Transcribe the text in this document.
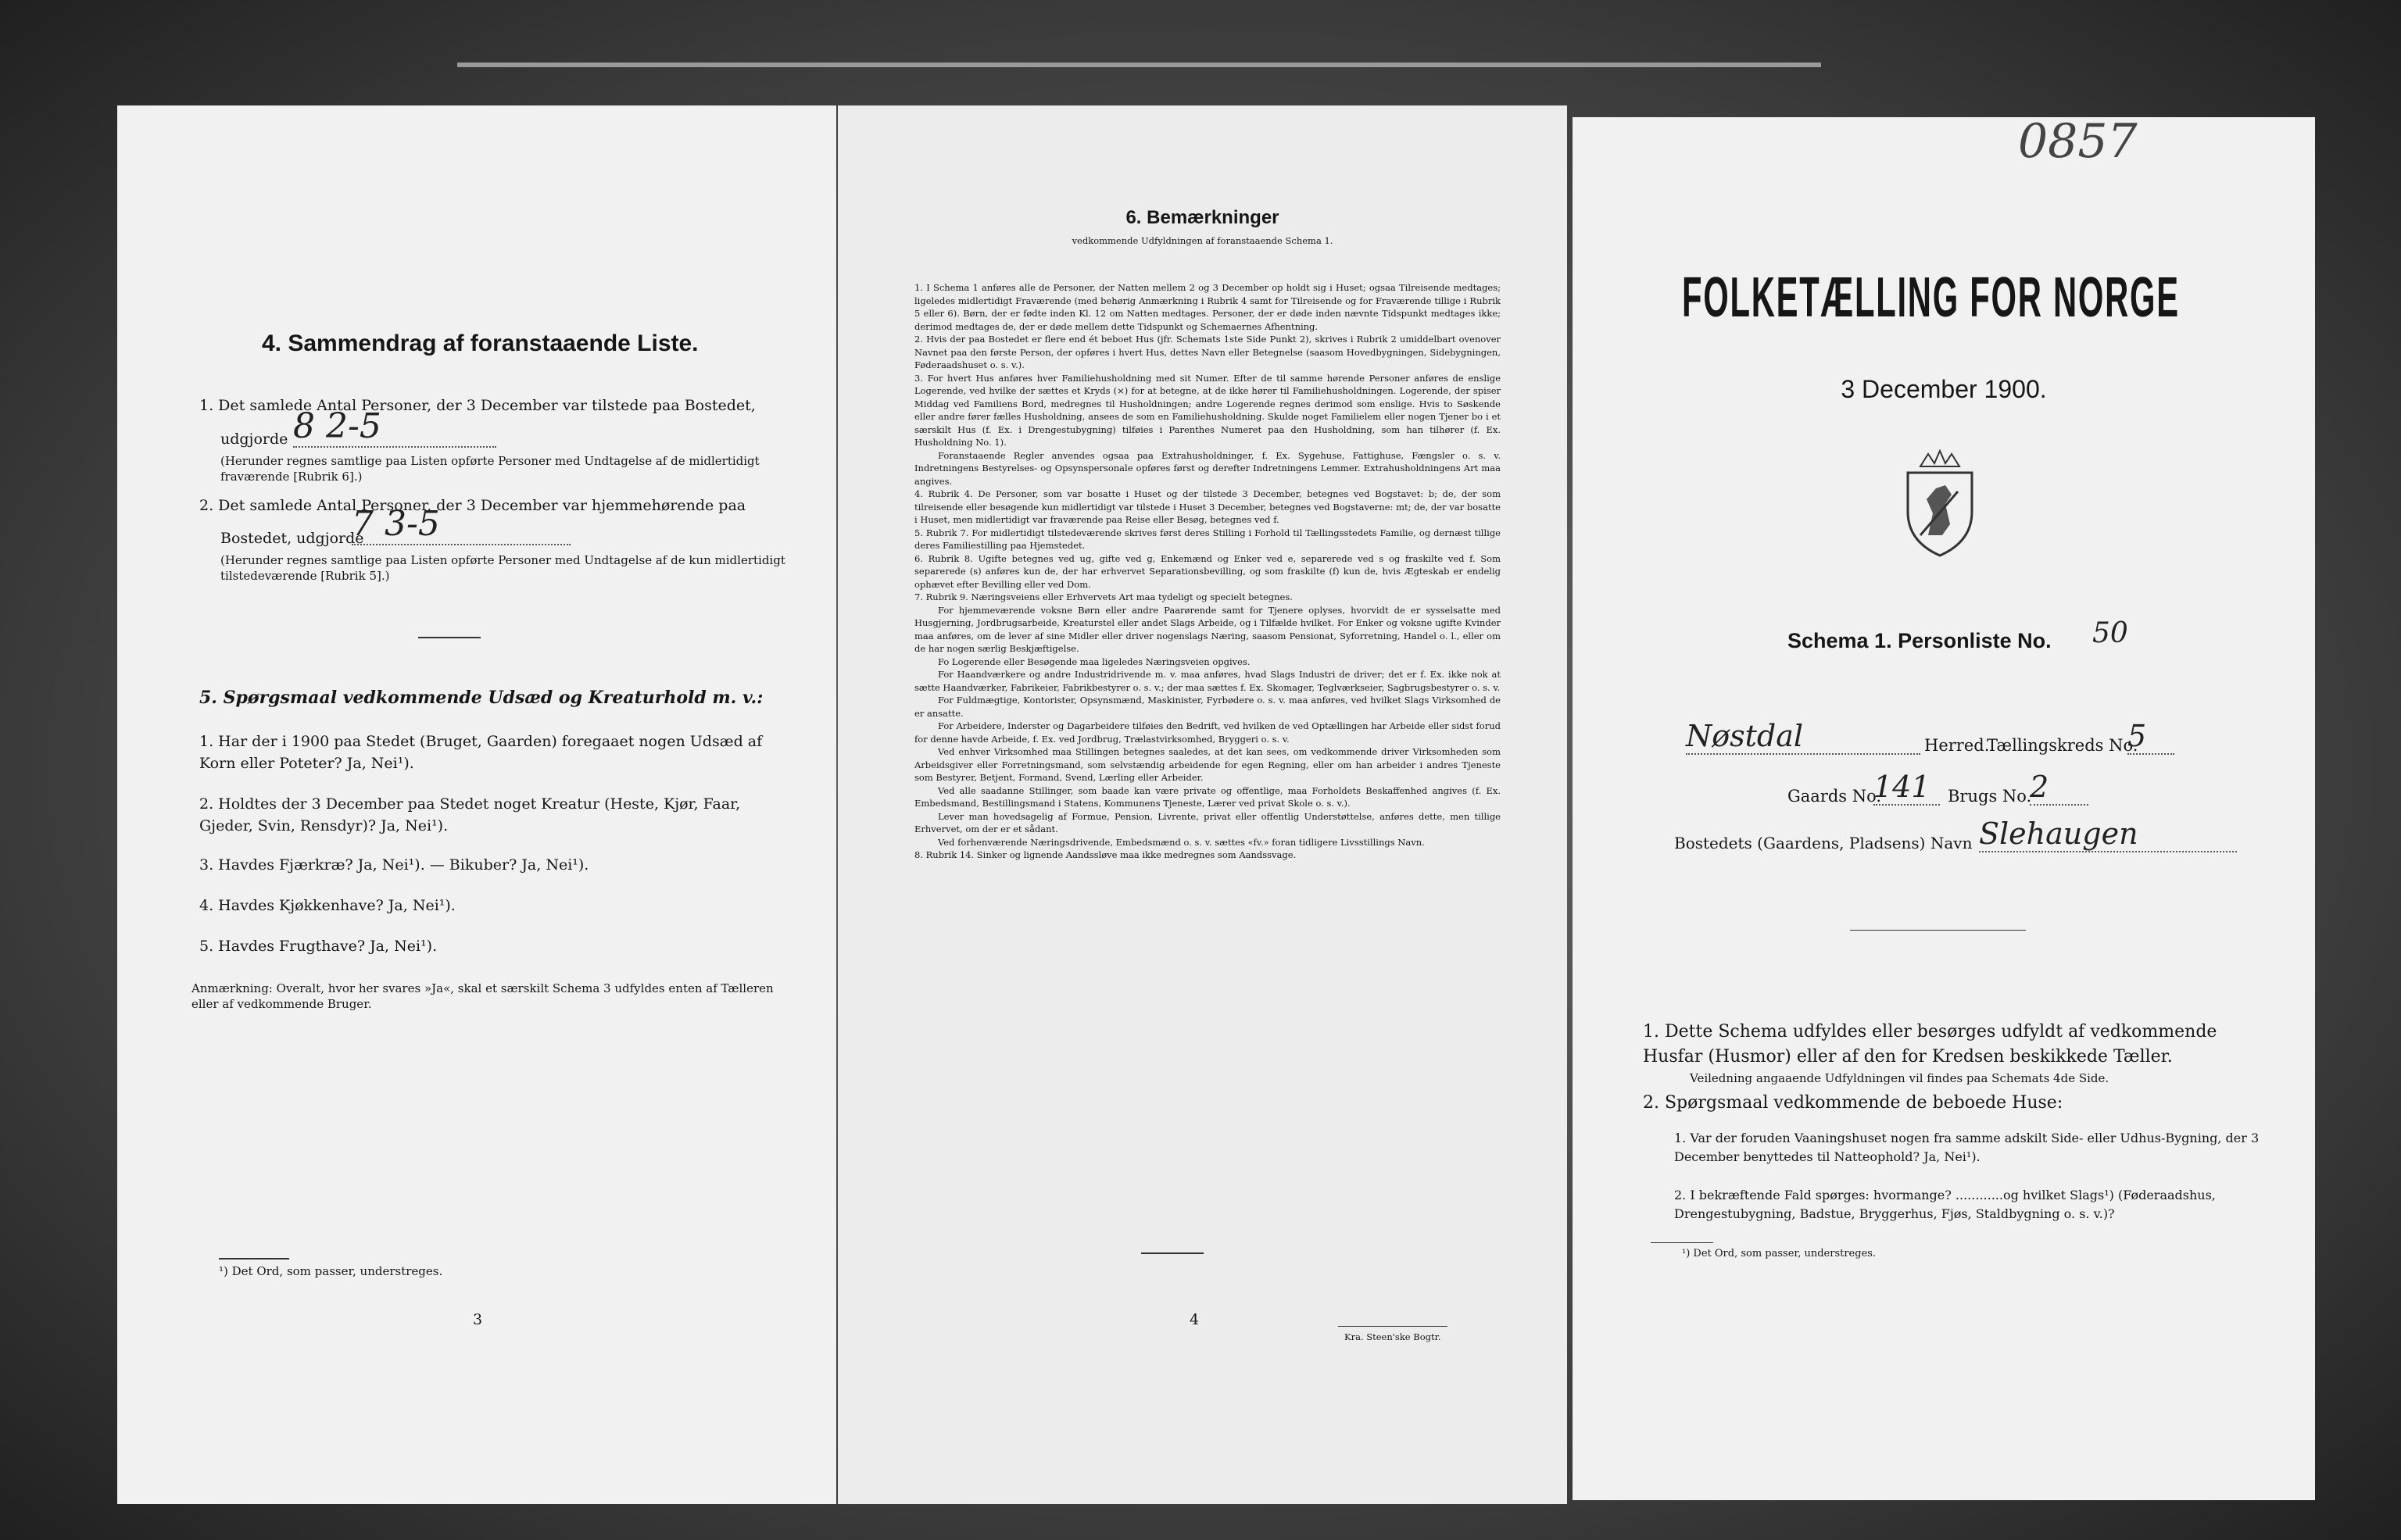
4. Sammendrag af foranstaaende Liste.
1. Det samlede Antal Personer, der 3 December var tilstede paa Bostedet,
udgjorde 8 2-5
(Herunder regnes samtlige paa Listen opførte Personer med Undtagelse af de midlertidigt fraværende [Rubrik 6].)
2. Det samlede Antal Personer, der 3 December var hjemmehørende paa
Bostedet, udgjorde
7 3-5
(Herunder regnes samtlige paa Listen opførte Personer med Undtagelse af de kun midlertidigt tilstedeværende [Rubrik 5].)
5. Spørgsmaal vedkommende Udsæd og Kreaturhold m. v.:
1. Har der i 1900 paa Stedet (Bruget, Gaarden) foregaaet nogen Udsæd af Korn eller Poteter? Ja, Nei¹).
2. Holdtes der 3 December paa Stedet noget Kreatur (Heste, Kjør, Faar, Gjeder, Svin, Rensdyr)? Ja, Nei¹).
3. Havdes Fjærkræ? Ja, Nei¹). — Bikuber? Ja, Nei¹).
4. Havdes Kjøkkenhave? Ja, Nei¹).
5. Havdes Frugthave? Ja, Nei¹).
Anmærkning: Overalt, hvor her svares »Ja«, skal et særskilt Schema 3 udfyldes enten af Tælleren eller af vedkommende Bruger.
¹) Det Ord, som passer, understreges.
3
6. Bemærkninger
vedkommende Udfyldningen af foranstaaende Schema 1.

1. I Schema 1 anføres alle de Personer, der Natten mellem 2 og 3 December op holdt sig i Huset; ogsaa Tilreisende medtages; ligeledes midlertidigt Fraværende (med behørig Anmærkning i Rubrik 4 samt for Tilreisende og for Fraværende tillige i Rubrik 5 eller 6). Børn, der er fødte inden Kl. 12 om Natten medtages. Personer, der er døde inden nævnte Tidspunkt medtages ikke; derimod medtages de, der er døde mellem dette Tidspunkt og Schemaernes Afhentning.

2. Hvis der paa Bostedet er flere end ét beboet Hus (jfr. Schemats 1ste Side Punkt 2), skrives i Rubrik 2 umiddelbart ovenover Navnet paa den første Person, der opføres i hvert Hus, dettes Navn eller Betegnelse (saasom Hovedbygningen, Sidebygningen, Føderaadshuset o. s. v.).

3. For hvert Hus anføres hver Familiehusholdning med sit Numer. Efter de til samme hørende Personer anføres de enslige Logerende, ved hvilke der sættes et Kryds (×) for at betegne, at de ikke hører til Familiehusholdningen. Logerende, der spiser Middag ved Familiens Bord, medregnes til Husholdningen; andre Logerende regnes derimod som enslige. Hvis to Søskende eller andre fører fælles Husholdning, ansees de som en Familiehusholdning. Skulde noget Familielem eller nogen Tjener bo i et særskilt Hus (f. Ex. i Drengestubygning) tilføies i Parenthes Numeret paa den Husholdning, som han tilhører (f. Ex. Husholdning No. 1).

Foranstaaende Regler anvendes ogsaa paa Extrahusholdninger, f. Ex. Sygehuse, Fattighuse, Fængsler o. s. v. Indretningens Bestyrelses- og Opsynspersonale opføres først og derefter Indretningens Lemmer. Extrahusholdningens Art maa angives.

4. Rubrik 4. De Personer, som var bosatte i Huset og der tilstede 3 December, betegnes ved Bogstavet: b; de, der som tilreisende eller besøgende kun midlertidigt var tilstede i Huset 3 December, betegnes ved Bogstaverne: mt; de, der var bosatte i Huset, men midlertidigt var fraværende paa Reise eller Besøg, betegnes ved f.

5. Rubrik 7. For midlertidigt tilstedeværende skrives først deres Stilling i Forhold til Tællingsstedets Familie, og dernæst tillige deres Familiestilling paa Hjemstedet.

6. Rubrik 8. Ugifte betegnes ved ug, gifte ved g, Enkemænd og Enker ved e, separerede ved s og fraskilte ved f. Som separerede (s) anføres kun de, der har erhvervet Separationsbevilling, og som fraskilte (f) kun de, hvis Ægteskab er endelig ophævet efter Bevilling eller ved Dom.

7. Rubrik 9. Næringsveiens eller Erhvervets Art maa tydeligt og specielt betegnes.

For hjemmeværende voksne Børn eller andre Paarørende samt for Tjenere oplyses, hvorvidt de er sysselsatte med Husgjerning, Jordbrugsarbeide, Kreaturstel eller andet Slags Arbeide, og i Tilfælde hvilket. For Enker og voksne ugifte Kvinder maa anføres, om de lever af sine Midler eller driver nogenslags Næring, saasom Pensionat, Syforretning, Handel o. l., eller om de har nogen særlig Beskjæftigelse.

Fo Logerende eller Besøgende maa ligeledes Næringsveien opgives.

For Haandværkere og andre Industridrivende m. v. maa anføres, hvad Slags Industri de driver; det er f. Ex. ikke nok at sætte Haandværker, Fabrikeier, Fabrikbestyrer o. s. v.; der maa sættes f. Ex. Skomager, Teglværkseier, Sagbrugsbestyrer o. s. v.

For Fuldmægtige, Kontorister, Opsynsmænd, Maskinister, Fyrbødere o. s. v. maa anføres, ved hvilket Slags Virksomhed de er ansatte.

For Arbeidere, Inderster og Dagarbeidere tilføies den Bedrift, ved hvilken de ved Optællingen har Arbeide eller sidst forud for denne havde Arbeide, f. Ex. ved Jordbrug, Trælastvirksomhed, Bryggeri o. s. v.

Ved enhver Virksomhed maa Stillingen betegnes saaledes, at det kan sees, om vedkommende driver Virksomheden som Arbeidsgiver eller Forretningsmand, som selvstændig arbeidende for egen Regning, eller om han arbeider i andres Tjeneste som Bestyrer, Betjent, Formand, Svend, Lærling eller Arbeider.

Ved alle saadanne Stillinger, som baade kan være private og offentlige, maa Forholdets Beskaffenhed angives (f. Ex. Embedsmand, Bestillingsmand i Statens, Kommunens Tjeneste, Lærer ved privat Skole o. s. v.).

Lever man hovedsagelig af Formue, Pension, Livrente, privat eller offentlig Understøttelse, anføres dette, men tillige Erhvervet, om der er et sådant.

Ved forhenværende Næringsdrivende, Embedsmænd o. s. v. sættes «fv.» foran tidligere Livsstillings Navn.

8. Rubrik 14. Sinker og lignende Aandssløve maa ikke medregnes som Aandssvage.

4
Kra. Steen'ske Bogtr.
0857
FOLKETÆLLING FOR NORGE
3 December 1900.
Schema 1. Personliste No. 50
Nøstdal	Herred.
Tællingskreds No.
5
Gaards No.
141	Brugs No.
2
Bostedets (Gaardens, Pladsens) Navn Slehaugen
1. Dette Schema udfyldes eller besørges udfyldt af vedkommende Husfar (Husmor) eller af den for Kredsen beskikkede Tæller.
Veiledning angaaende Udfyldningen vil findes paa Schemats 4de Side.
2. Spørgsmaal vedkommende de beboede Huse:
1. Var der foruden Vaaningshuset nogen fra samme adskilt Side- eller Udhus-Bygning, der 3 December benyttedes til Natteophold? Ja, Nei¹).
2. I bekræftende Fald spørges: hvormange? ............og hvilket Slags¹) (Føderaadshus, Drengestubygning, Badstue, Bryggerhus, Fjøs, Staldbygning o. s. v.)?
¹) Det Ord, som passer, understreges.
